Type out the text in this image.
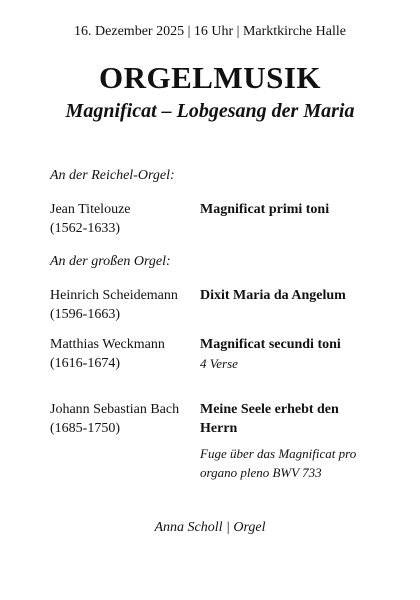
16. Dezember 2025 | 16 Uhr | Marktkirche Halle
ORGELMUSIK
Magnificat – Lobgesang der Maria
An der Reichel-Orgel:
Jean Titelouze
(1562-1633)
Magnificat primi toni
An der großen Orgel:
Heinrich Scheidemann
(1596-1663)
Dixit Maria da Angelum
Matthias Weckmann
(1616-1674)
Magnificat secundi toni
4 Verse
Johann Sebastian Bach
(1685-1750)
Meine Seele erhebt den
Herrn
Fuge über das Magnificat pro
organo pleno BWV 733
Anna Scholl | Orgel
